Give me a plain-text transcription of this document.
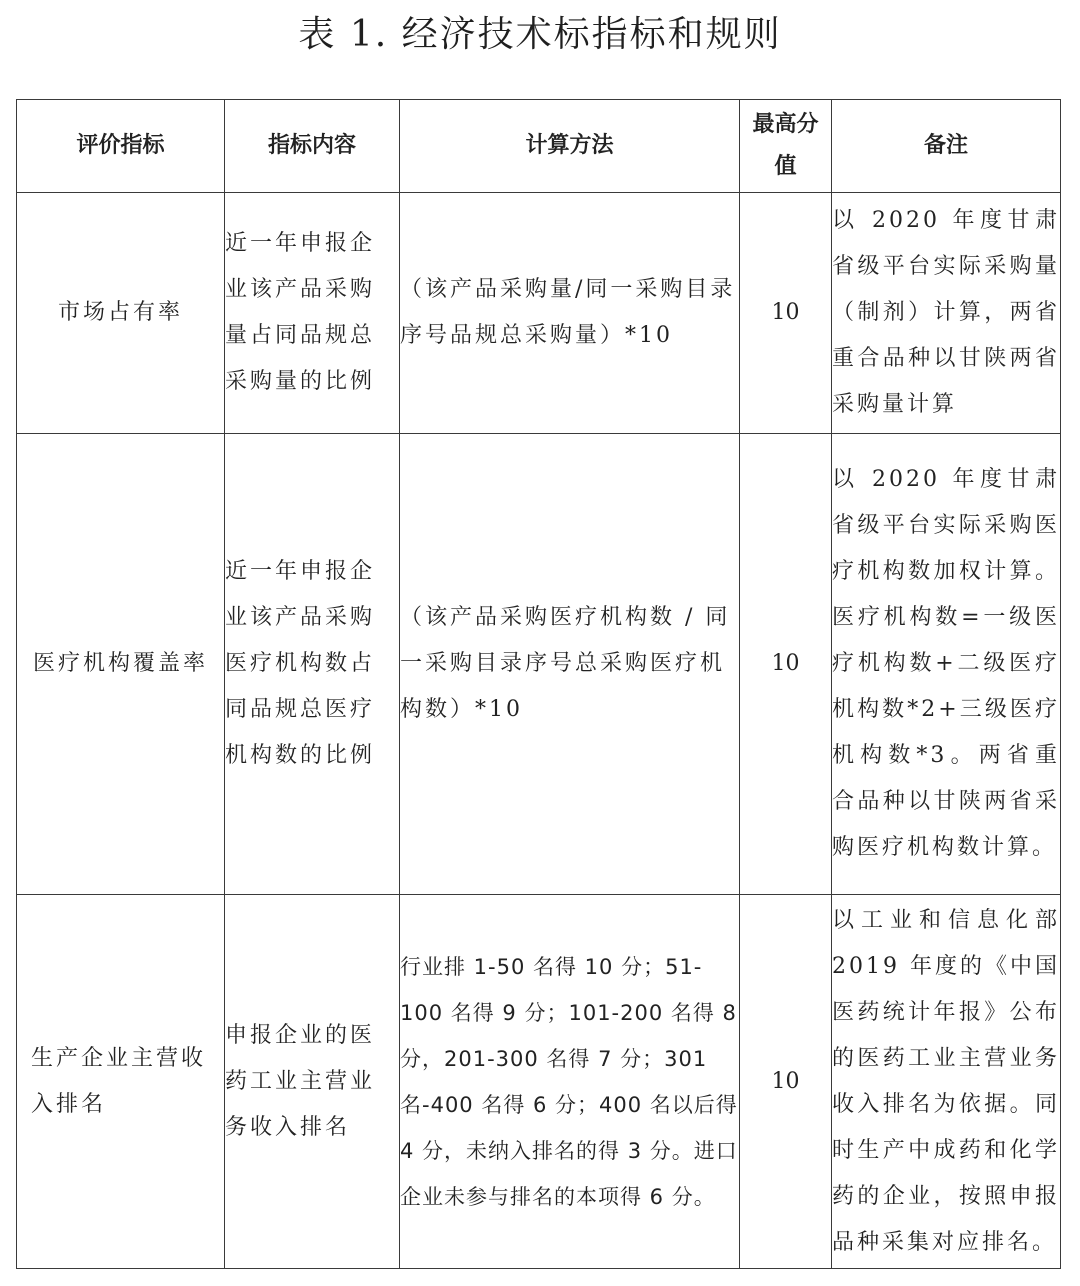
表 1. 经济技术标指标和规则
评价指标	指标内容	计算方法	最高分值	备注
市场占有率	近一年申报企业该产品采购量占同品规总采购量的比例	（该产品采购量/同一采购目录序号品规总采购量）*10	10	以 2020 年度甘肃省级平台实际采购量（制剂）计算，两省重合品种以甘陕两省采购量计算
医疗机构覆盖率	近一年申报企业该产品采购医疗机构数占同品规总医疗机构数的比例	（该产品采购医疗机构数 / 同一采购目录序号总采购医疗机构数）*10	10	以 2020 年度甘肃省级平台实际采购医疗机构数加权计算。医疗机构数=一级医疗机构数+二级医疗机构数*2+三级医疗机构数*3。两省重合品种以甘陕两省采购医疗机构数计算。
生产企业主营收入排名	申报企业的医药工业主营业务收入排名	行业排 1-50 名得 10 分；51-100 名得 9 分；101-200 名得 8 分，201-300 名得 7 分；301 名-400 名得 6 分；400 名以后得 4 分，未纳入排名的得 3 分。进口企业未参与排名的本项得 6 分。	10	以工业和信息化部 2019 年度的《中国医药统计年报》公布的医药工业主营业务收入排名为依据。同时生产中成药和化学药的企业，按照申报品种采集对应排名。
